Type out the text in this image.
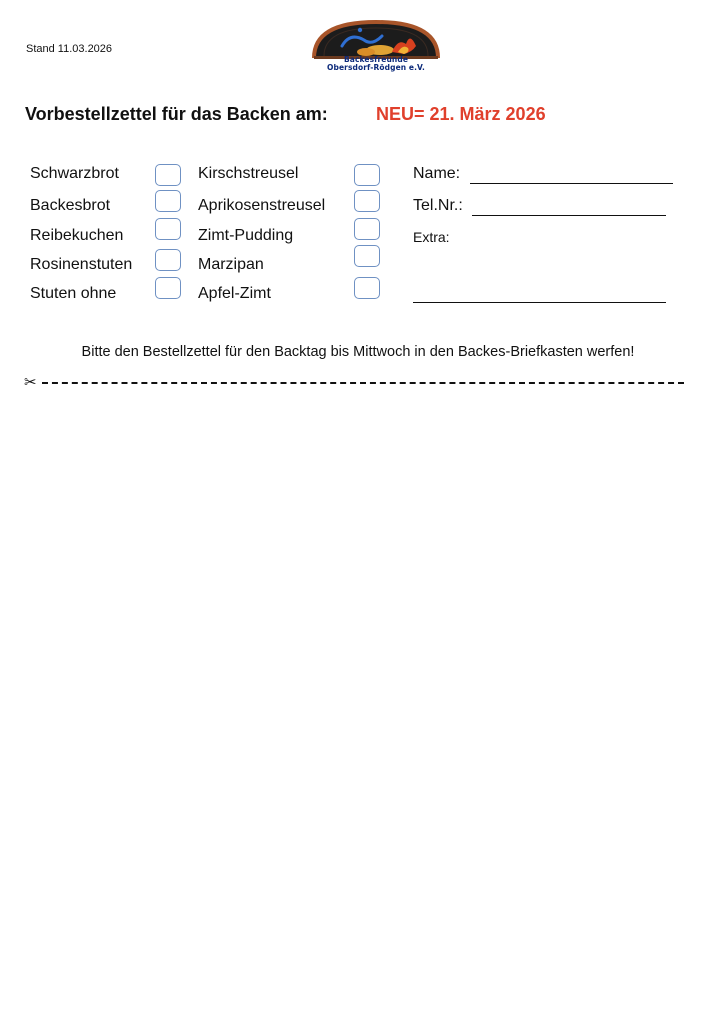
Stand 11.03.2026
Backesfreunde
Obersdorf-Rödgen e.V.
Vorbestellzettel für das Backen am:	NEU= 21. März 2026
Schwarzbrot
Backesbrot
Reibekuchen
Rosinenstuten
Stuten ohne
Kirschstreusel
Aprikosenstreusel
Zimt-Pudding
Marzipan
Apfel-Zimt
Name:
Tel.Nr.:
Extra:
Bitte den Bestellzettel für den Backtag bis Mittwoch in den Backes-Briefkasten werfen!
✂
